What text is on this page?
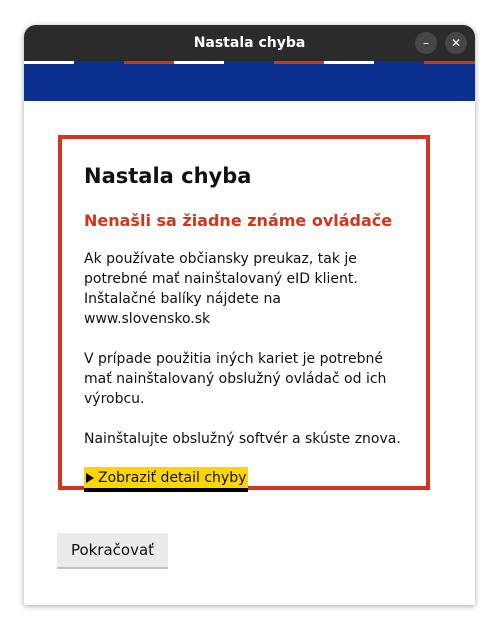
Nastala chyba	–	✕
Nastala chyba
Nenašli sa žiadne známe ovládače

Ak používate občiansky preukaz, tak je potrebné mať nainštalovaný eID klient. Inštalačné balíky nájdete na www.slovensko.sk

V prípade použitia iných kariet je potrebné mať nainštalovaný obslužný ovládač od ich výrobcu.

Nainštalujte obslužný softvér a skúste znova.

Zobraziť detail chyby
Pokračovať
